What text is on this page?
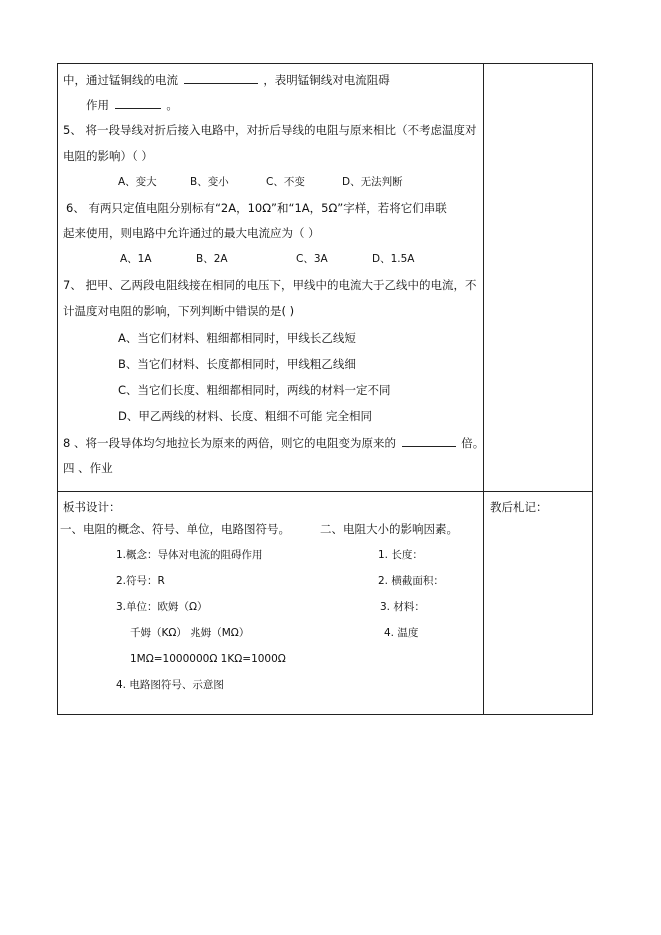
中，通过锰铜线的电流	，表明锰铜线对电流阻碍
作用	。
5、 将一段导线对折后接入电路中，对折后导线的电阻与原来相比（不考虑温度对
电阻的影响）（ ）
A、变大	B、变小	C、不变	D、无法判断
6、 有两只定值电阻分别标有“2A，10Ω”和“1A，5Ω”字样，若将它们串联
起来使用，则电路中允许通过的最大电流应为（ ）
A、1A	B、2A	C、3A	D、1.5A
7、 把甲、乙两段电阻线接在相同的电压下，甲线中的电流大于乙线中的电流，不
计温度对电阻的影响，下列判断中错误的是( )
A、当它们材料、粗细都相同时，甲线长乙线短
B、当它们材料、长度都相同时，甲线粗乙线细
C、当它们长度、粗细都相同时，两线的材料一定不同
D、甲乙两线的材料、长度、粗细不可能 完全相同
8 、将一段导体均匀地拉长为原来的两倍，则它的电阻变为原来的	倍。
四 、作业
板书设计：	教后札记：
一、电阻的概念、符号、单位，电路图符号。	二、电阻大小的影响因素。
1.概念：导体对电流的阻碍作用
2.符号：R
3.单位：欧姆（Ω）
千姆（KΩ） 兆姆（MΩ）
1MΩ=1000000Ω 1KΩ=1000Ω
4. 电路图符号、示意图
1. 长度：
2. 横截面积：
3. 材料：
4. 温度
